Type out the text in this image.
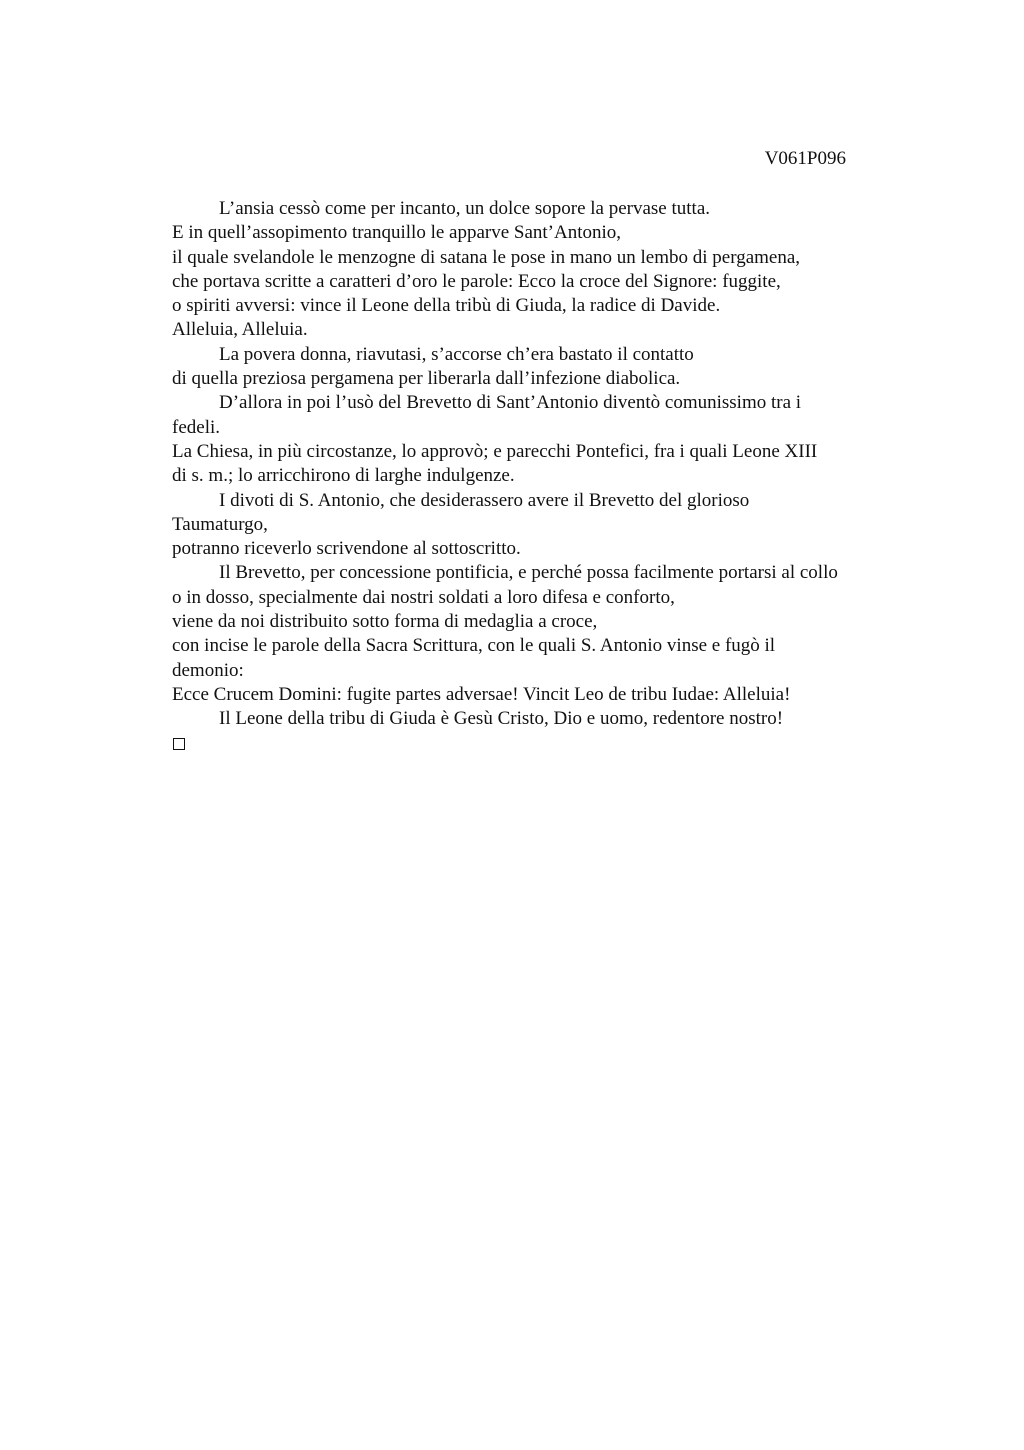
V061P096
L’ansia cessò come per incanto, un dolce sopore la pervase tutta.
E in quell’assopimento tranquillo le apparve Sant’Antonio,
il quale svelandole le menzogne di satana le pose in mano un lembo di pergamena,
che portava scritte a caratteri d’oro le parole: Ecco la croce del Signore: fuggite,
o spiriti avversi: vince il Leone della tribù di Giuda, la radice di Davide.
Alleluia, Alleluia.
La povera donna, riavutasi, s’accorse ch’era bastato il contatto
di quella preziosa pergamena per liberarla dall’infezione diabolica.
D’allora in poi l’usò del Brevetto di Sant’Antonio diventò comunissimo tra i
fedeli.
La Chiesa, in più circostanze, lo approvò; e parecchi Pontefici, fra i quali Leone XIII
di s. m.; lo arricchirono di larghe indulgenze.
I divoti di S. Antonio, che desiderassero avere il Brevetto del glorioso
Taumaturgo,
potranno riceverlo scrivendone al sottoscritto.
Il Brevetto, per concessione pontificia, e perché possa facilmente portarsi al collo
o in dosso, specialmente dai nostri soldati a loro difesa e conforto,
viene da noi distribuito sotto forma di medaglia a croce,
con incise le parole della Sacra Scrittura, con le quali S. Antonio vinse e fugò il
demonio:
Ecce Crucem Domini: fugite partes adversae! Vincit Leo de tribu Iudae: Alleluia!
Il Leone della tribu di Giuda è Gesù Cristo, Dio e uomo, redentore nostro!
